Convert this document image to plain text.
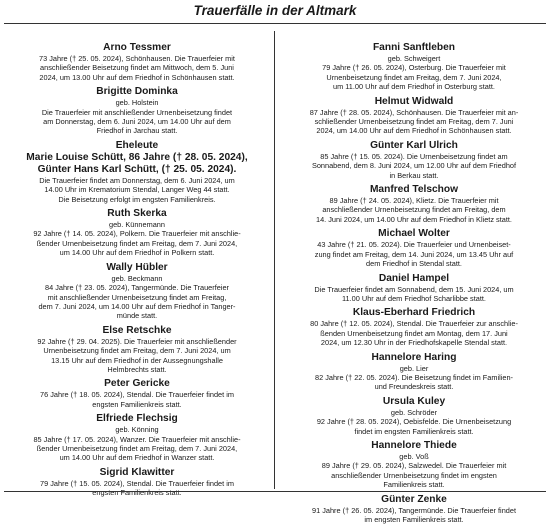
Trauerfälle in der Altmark

Arno Tessmer

73 Jahre († 25. 05. 2024), Schönhausen. Die Trauerfeier mit

anschließender Beisetzung findet am Mittwoch, dem 5. Juni

2024, um 13.00 Uhr auf dem Friedhof in Schönhausen statt.

Brigitte Dominka

geb. Holstein

Die Trauerfeier mit anschließender Urnenbeisetzung findet

am Donnerstag, dem 6. Juni 2024, um 14.00 Uhr auf dem

Friedhof in Jarchau statt.

Eheleute

Marie Louise Schütt, 86 Jahre († 28. 05. 2024),

Günter Hans Karl Schütt, († 25. 05. 2024).

Die Trauerfeier findet am Donnerstag, dem 6. Juni 2024, um

14.00 Uhr im Krematorium Stendal, Langer Weg 44 statt.

Die Beisetzung erfolgt im engsten Familienkreis.

Ruth Skerka

geb. Künnemann

92 Jahre († 14. 05. 2024), Polkern. Die Trauerfeier mit anschlie-

ßender Urnenbeisetzung findet am Freitag, dem 7. Juni 2024,

um 14.00 Uhr auf dem Friedhof in Polkern statt.

Wally Hübler

geb. Beckmann

84 Jahre († 23. 05. 2024), Tangermünde. Die Trauerfeier

mit anschließender Urnenbeisetzung findet am Freitag,

dem 7. Juni 2024, um 14.00 Uhr auf dem Friedhof in Tanger-

münde statt.

Else Retschke

92 Jahre († 29. 04. 2025). Die Trauerfeier mit anschließender

Urnenbeisetzung findet am Freitag, dem 7. Juni 2024, um

13.15 Uhr auf dem Friedhof in der Aussegnungshalle

Helmbrechts statt.

Peter Gericke

76 Jahre († 18. 05. 2024), Stendal. Die Trauerfeier findet im

engsten Familienkreis statt.

Elfriede Flechsig

geb. Könning

85 Jahre († 17. 05. 2024), Wanzer. Die Trauerfeier mit anschlie-

ßender Urnenbeisetzung findet am Freitag, dem 7. Juni 2024,

um 14.00 Uhr auf dem Friedhof in Wanzer statt.

Sigrid Klawitter

79 Jahre († 15. 05. 2024), Stendal. Die Trauerfeier findet im

engsten Familienkreis statt.

Fanni Sanftleben

geb. Schweigert

79 Jahre († 26. 05. 2024), Osterburg. Die Trauerfeier mit

Urnenbeisetzung findet am Freitag, dem 7. Juni 2024,

um 11.00 Uhr auf dem Friedhof in Osterburg statt.

Helmut Widwald

87 Jahre († 28. 05. 2024), Schönhausen. Die Trauerfeier mit an-

schließender Urnenbeisetzung findet am Freitag, dem 7. Juni

2024, um 14.00 Uhr auf dem Friedhof in Schönhausen statt.

Günter Karl Ulrich

85 Jahre († 15. 05. 2024). Die Urnenbeisetzung findet am

Sonnabend, dem 8. Juni 2024, um 12.00 Uhr auf dem Friedhof

in Berkau statt.

Manfred Telschow

89 Jahre († 24. 05. 2024), Klietz. Die Trauerfeier mit

anschließender Urnenbeisetzung findet am Freitag, dem

14. Juni 2024, um 14.00 Uhr auf dem Friedhof in Klietz statt.

Michael Wolter

43 Jahre († 21. 05. 2024). Die Trauerfeier und Urnenbeiset-

zung findet am Freitag, dem 14. Juni 2024, um 13.45 Uhr auf

dem Friedhof in Stendal statt.

Daniel Hampel

Die Trauerfeier findet am Sonnabend, dem 15. Juni 2024, um

11.00 Uhr auf dem Friedhof Scharlibbe statt.

Klaus-Eberhard Friedrich

80 Jahre († 12. 05. 2024), Stendal. Die Trauerfeier zur anschlie-

ßenden Urnenbeisetzung findet am Montag, dem 17. Juni

2024, um 12.30 Uhr in der Friedhofskapelle Stendal statt.

Hannelore Haring

geb. Lier

82 Jahre († 22. 05. 2024). Die Beisetzung findet im Familien-

und Freundeskreis statt.

Ursula Kuley

geb. Schröder

92 Jahre († 28. 05. 2024), Oebisfelde. Die Urnenbeisetzung

findet im engsten Familienkreis statt.

Hannelore Thiede

geb. Voß

89 Jahre († 29. 05. 2024), Salzwedel. Die Trauerfeier mit

anschließender Urnenbeisetzung findet im engsten

Familienkreis statt.

Günter Zenke

91 Jahre († 26. 05. 2024), Tangermünde. Die Trauerfeier findet

im engsten Familienkreis statt.
